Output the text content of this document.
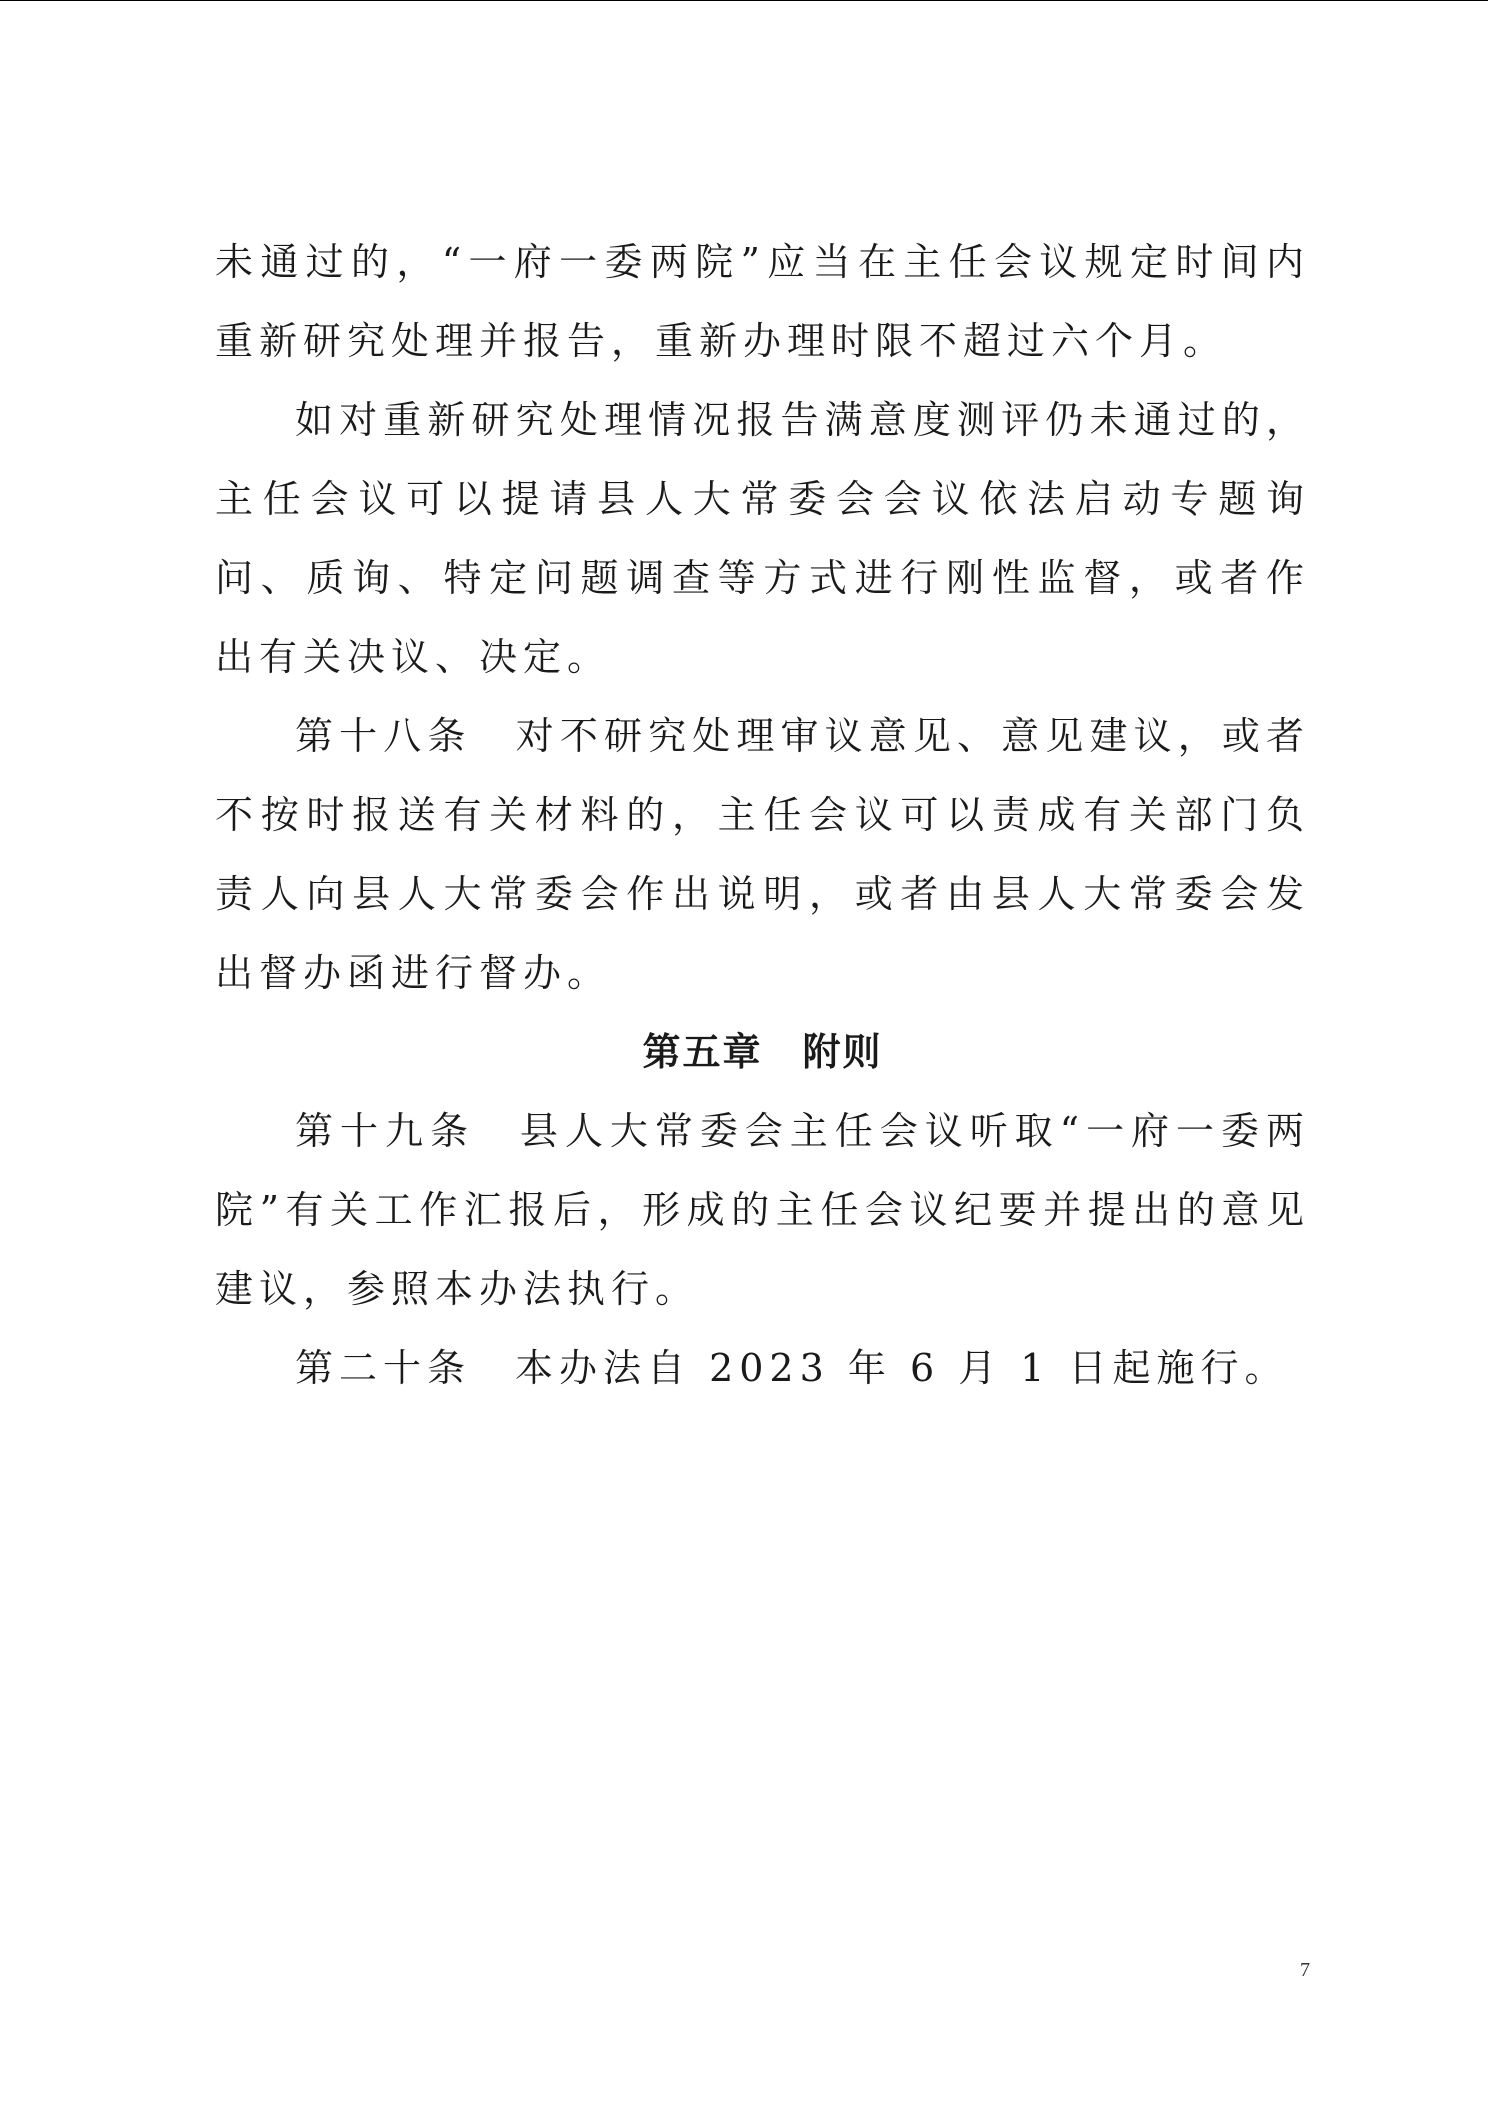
未通过的，“一府一委两院”应当在主任会议规定时间内重新研究处理并报告，重新办理时限不超过六个月。

如对重新研究处理情况报告满意度测评仍未通过的，主任会议可以提请县人大常委会会议依法启动专题询问、质询、特定问题调查等方式进行刚性监督，或者作出有关决议、决定。

第十八条　对不研究处理审议意见、意见建议，或者不按时报送有关材料的，主任会议可以责成有关部门负责人向县人大常委会作出说明，或者由县人大常委会发出督办函进行督办。

第五章　附则

第十九条　县人大常委会主任会议听取“一府一委两院”有关工作汇报后，形成的主任会议纪要并提出的意见建议，参照本办法执行。

第二十条　本办法自 2023 年 6 月 1 日起施行。

7
